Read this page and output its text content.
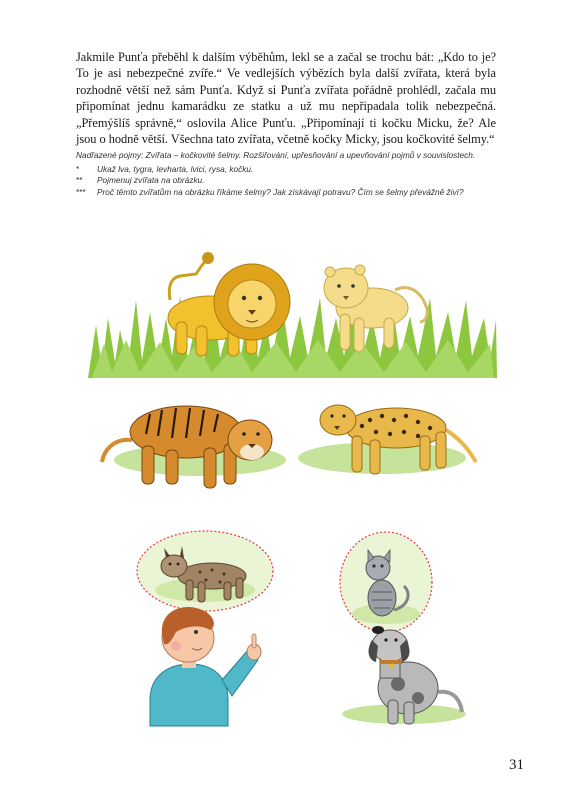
Jakmile Punťa přeběhl k dalším výběhům, lekl se a začal se trochu bát: „Kdo to je? To je asi nebezpečné zvíře.“ Ve vedlejších výbězích byla další zvířata, která byla rozhodně větší než sám Punťa. Když si Punťa zvířata pořádně prohlédl, začala mu připomínat jednu kamarádku ze statku a už mu nepřipadala tolik nebezpečná. „Přemýšlíš správně,“ oslovila Alice Punťu. „Připomínají ti kočku Micku, že? Ale jsou o hodně větší. Všechna tato zvířata, včetně kočky Micky, jsou kočkovité šelmy.“

Nadřazené pojmy: Zvířata – kočkovité šelmy. Rozšiřování, upřesňování a upevňování pojmů v souvislostech.

*	Ukaž lva, tygra, levharta, lvici, rysa, kočku.
**	Pojmenuj zvířata na obrázku.
***	Proč těmto zvířatům na obrázku říkáme šelmy? Jak získávají potravu? Čím se šelmy převážně živí?
31
